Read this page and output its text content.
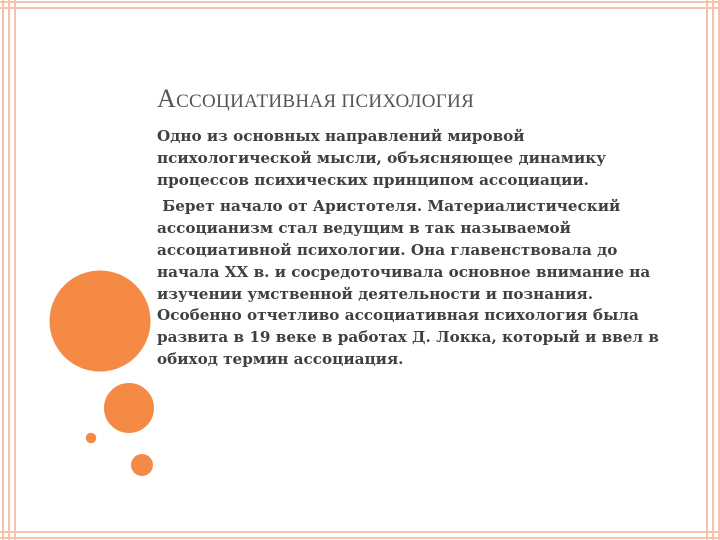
АССОЦИАТИВНАЯ ПСИХОЛОГИЯ

Одно из основных направлений мировой психологической мысли, объясняющее динамику процессов психических принципом ассоциации.

Берет начало от Аристотеля. Материалистический ассоцианизм стал ведущим в так называемой ассоциативной психологии. Она главенствовала до начала XX в. и сосредоточивала основное внимание на изучении умственной деятельности и познания. Особенно отчетливо ассоциативная психология была развита в 19 веке в работах Д. Локка, который и ввел в обиход термин ассоциация.
